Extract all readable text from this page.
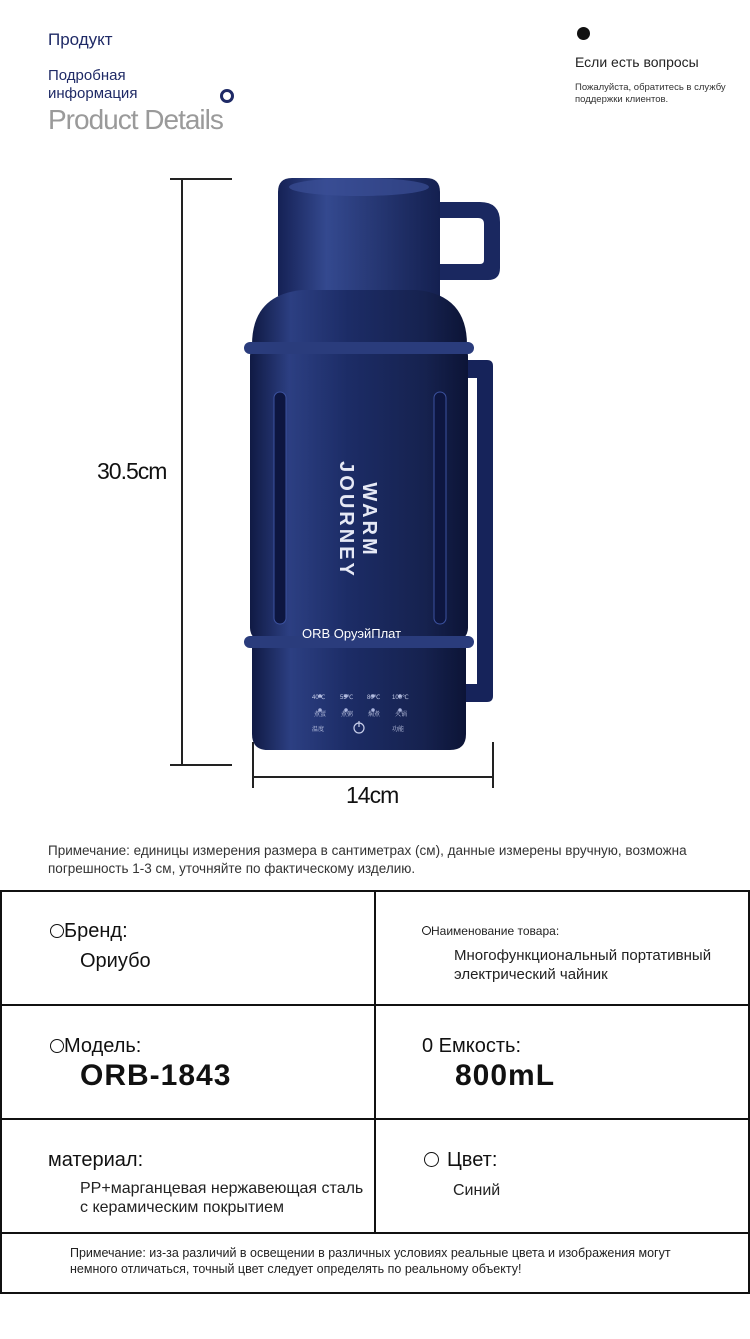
Продукт
Подробная информация
Product Details
Если есть вопросы
Пожалуйста, обратитесь в службу поддержки клиентов.
30.5cm
14cm
WARM JOURNEY
ORB ОруэйПлат
40℃ 55℃ 80℃ 100℃
煮蛋 煮粥 焖煮 火锅
温度	功能
Примечание: единицы измерения размера в сантиметрах (см), данные измерены вручную, возможна погрешность 1-3 см, уточняйте по фактическому изделию.
Бренд:
Ориубо
Наименование товара:
Многофункциональный портативный электрический чайник
Модель:
ORB-1843
0 Емкость:
800mL
материал:
PP+марганцевая нержавеющая сталь с керамическим покрытием
Цвет:
Синий
Примечание: из-за различий в освещении в различных условиях реальные цвета и изображения могут немного отличаться, точный цвет следует определять по реальному объекту!
